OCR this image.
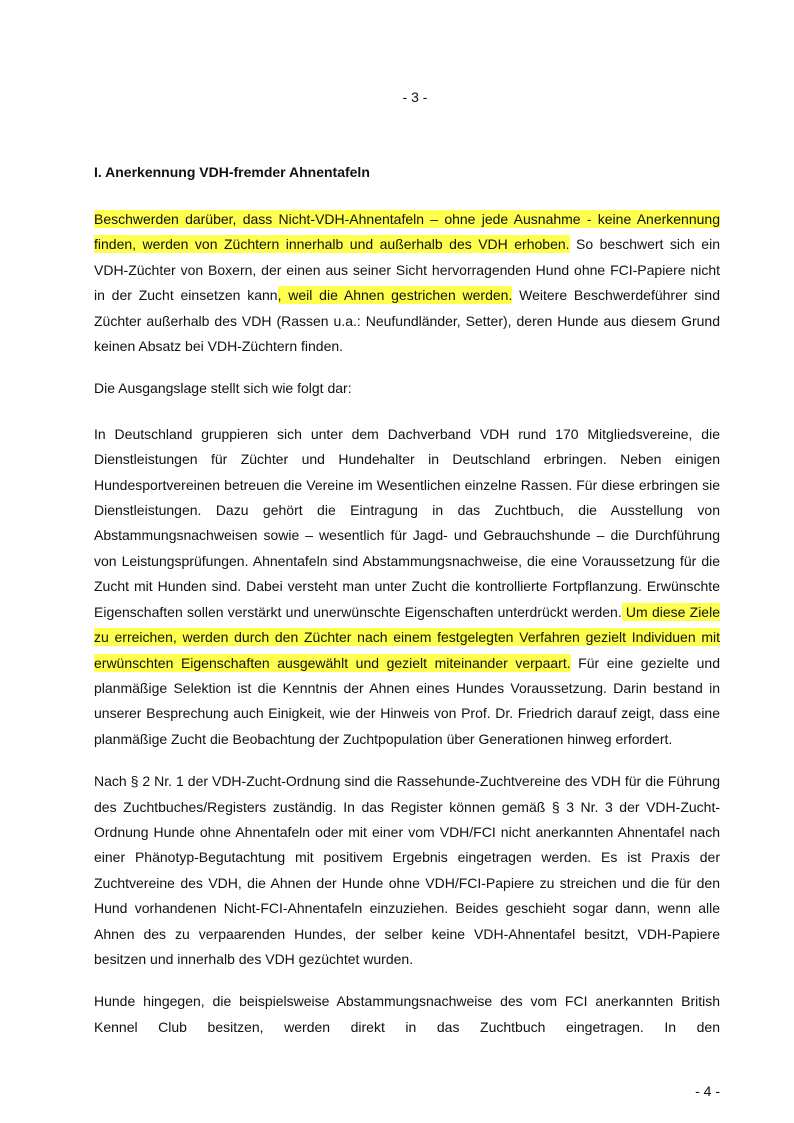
- 3 -
I. Anerkennung VDH-fremder Ahnentafeln

Beschwerden darüber, dass Nicht-VDH-Ahnentafeln – ohne jede Ausnahme - keine Anerkennung finden, werden von Züchtern innerhalb und außerhalb des VDH erhoben. So beschwert sich ein VDH-Züchter von Boxern, der einen aus seiner Sicht hervorragenden Hund ohne FCI-Papiere nicht in der Zucht einsetzen kann, weil die Ahnen gestrichen werden. Weitere Beschwerdeführer sind Züchter außerhalb des VDH (Rassen u.a.: Neufundländer, Setter), deren Hunde aus diesem Grund keinen Absatz bei VDH-Züchtern finden.

Die Ausgangslage stellt sich wie folgt dar:

In Deutschland gruppieren sich unter dem Dachverband VDH rund 170 Mitgliedsvereine, die Dienstleistungen für Züchter und Hundehalter in Deutschland erbringen. Neben einigen Hundesportvereinen betreuen die Vereine im Wesentlichen einzelne Rassen. Für diese erbringen sie Dienstleistungen. Dazu gehört die Eintragung in das Zuchtbuch, die Ausstellung von Abstammungsnachweisen sowie – wesentlich für Jagd- und Gebrauchshunde – die Durchführung von Leistungsprüfungen. Ahnentafeln sind Abstammungsnachweise, die eine Voraussetzung für die Zucht mit Hunden sind. Dabei versteht man unter Zucht die kontrollierte Fortpflanzung. Erwünschte Eigenschaften sollen verstärkt und unerwünschte Eigenschaften unterdrückt werden. Um diese Ziele zu erreichen, werden durch den Züchter nach einem festgelegten Verfahren gezielt Individuen mit erwünschten Eigenschaften ausgewählt und gezielt miteinander verpaart. Für eine gezielte und planmäßige Selektion ist die Kenntnis der Ahnen eines Hundes Voraussetzung. Darin bestand in unserer Besprechung auch Einigkeit, wie der Hinweis von Prof. Dr. Friedrich darauf zeigt, dass eine planmäßige Zucht die Beobachtung der Zuchtpopulation über Generationen hinweg erfordert.

Nach § 2 Nr. 1 der VDH-Zucht-Ordnung sind die Rassehunde-Zuchtvereine des VDH für die Führung des Zuchtbuches/Registers zuständig. In das Register können gemäß § 3 Nr. 3 der VDH-Zucht-Ordnung Hunde ohne Ahnentafeln oder mit einer vom VDH/FCI nicht anerkannten Ahnentafel nach einer Phänotyp-Begutachtung mit positivem Ergebnis eingetragen werden. Es ist Praxis der Zuchtvereine des VDH, die Ahnen der Hunde ohne VDH/FCI-Papiere zu streichen und die für den Hund vorhandenen Nicht-FCI-Ahnentafeln einzuziehen. Beides geschieht sogar dann, wenn alle Ahnen des zu verpaarenden Hundes, der selber keine VDH-Ahnentafel besitzt, VDH-Papiere besitzen und innerhalb des VDH gezüchtet wurden.

Hunde hingegen, die beispielsweise Abstammungsnachweise des vom FCI anerkannten British Kennel Club besitzen, werden direkt in das Zuchtbuch eingetragen. In den

- 4 -
